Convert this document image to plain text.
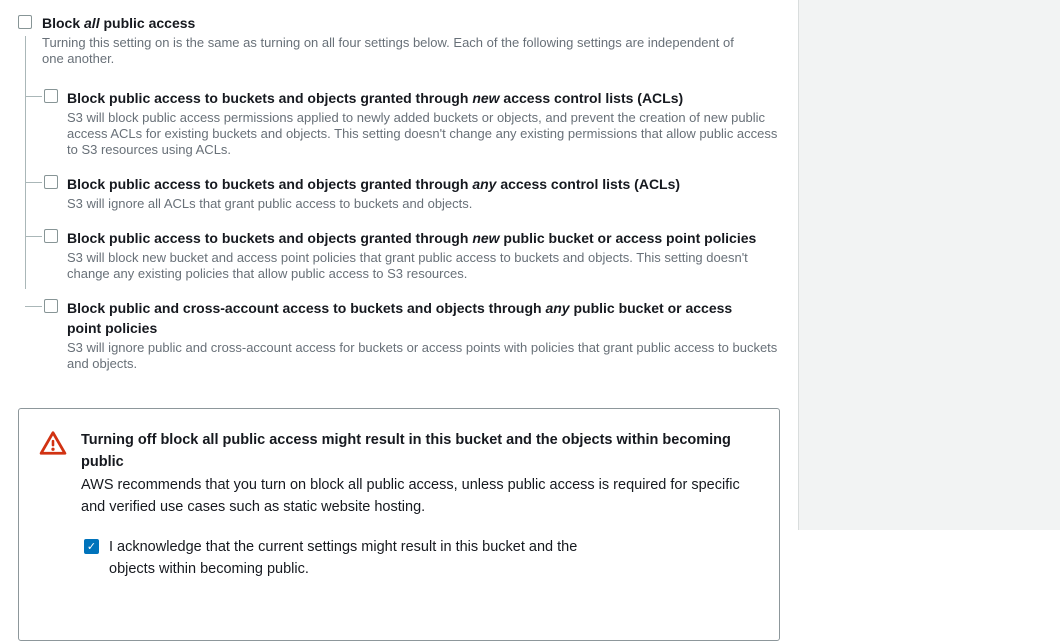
Block all public access
Turning this setting on is the same as turning on all four settings below. Each of the following settings are independent of one another.
Block public access to buckets and objects granted through new access control lists (ACLs)
S3 will block public access permissions applied to newly added buckets or objects, and prevent the creation of new public access ACLs for existing buckets and objects. This setting doesn't change any existing permissions that allow public access to S3 resources using ACLs.
Block public access to buckets and objects granted through any access control lists (ACLs)
S3 will ignore all ACLs that grant public access to buckets and objects.
Block public access to buckets and objects granted through new public bucket or access point policies
S3 will block new bucket and access point policies that grant public access to buckets and objects. This setting doesn't change any existing policies that allow public access to S3 resources.
Block public and cross-account access to buckets and objects through any public bucket or access point policies
S3 will ignore public and cross-account access for buckets or access points with policies that grant public access to buckets and objects.
Turning off block all public access might result in this bucket and the objects within becoming public
AWS recommends that you turn on block all public access, unless public access is required for specific and verified use cases such as static website hosting.
✓ I acknowledge that the current settings might result in this bucket and the objects within becoming public.
